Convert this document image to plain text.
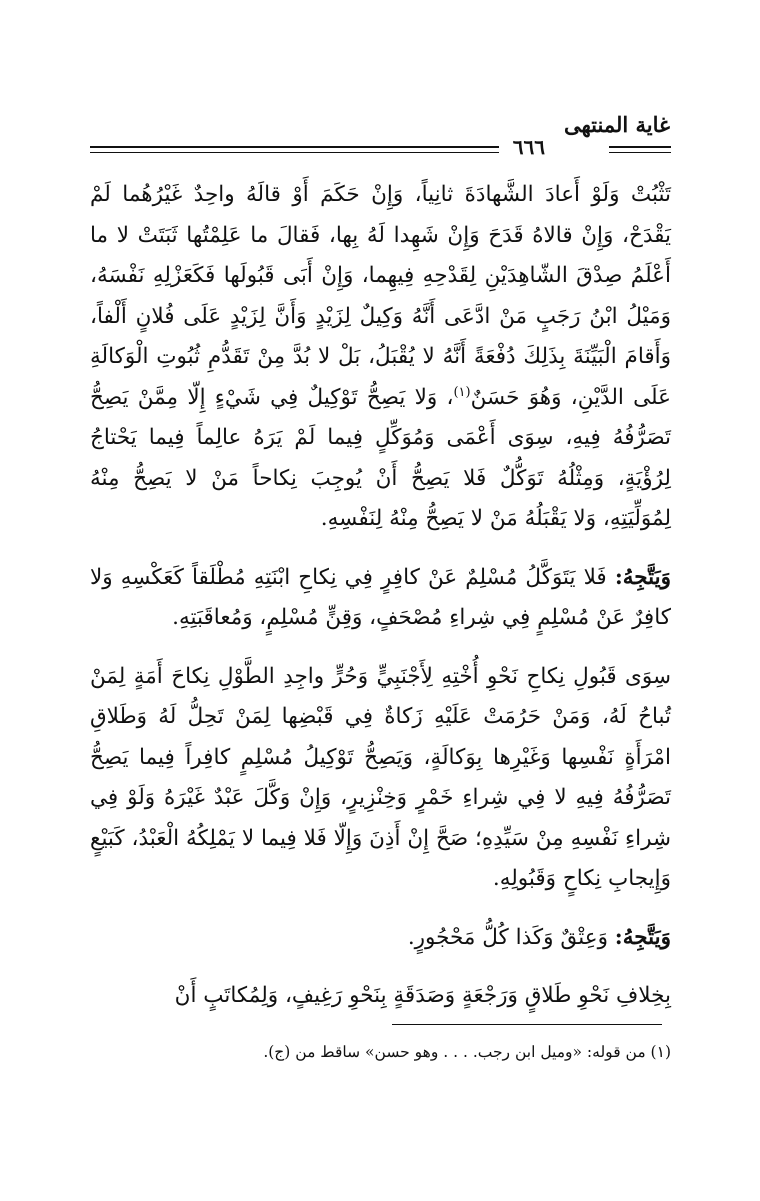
غاية المنتهى
٦٦٦

تَثْبُتْ وَلَوْ أَعادَ الشَّهادَةَ ثانِياً، وَإِنْ حَكَمَ أَوْ قالَهُ واحِدٌ غَيْرُهُما لَمْ يَقْدَحْ، وَإِنْ قالاهُ قَدَحَ وَإِنْ شَهِدا لَهُ بِها، فَقالَ ما عَلِمْتُها ثَبَتَتْ لا ما أَعْلَمُ صِدْقَ الشّاهِدَيْنِ لِقَدْحِهِ فِيهِما، وَإِنْ أَبَى قَبُولَها فَكَعَزْلِهِ نَفْسَهُ، وَمَيْلُ ابْنُ رَجَبٍ مَنْ ادَّعَى أَنَّهُ وَكِيلٌ لِزَيْدٍ وَأَنَّ لِزَيْدٍ عَلَى فُلانٍ أَلْفاً، وَأَقامَ الْبَيِّنَةَ بِذَلِكَ دُفْعَةً أَنَّهُ لا يُقْبَلُ، بَلْ لا بُدَّ مِنْ تَقَدُّمِ ثُبُوتِ الْوَكالَةِ عَلَى الدَّيْنِ، وَهُوَ حَسَنٌ$^{(١)}$، وَلا يَصِحُّ تَوْكِيلٌ فِي شَيْءٍ إِلّا مِمَّنْ يَصِحُّ تَصَرُّفُهُ فِيهِ، سِوَى أَعْمَى وَمُوَكِّلٍ فِيما لَمْ يَرَهُ عالِماً فِيما يَحْتاجُ لِرُؤْيَةٍ، وَمِثْلُهُ تَوَكُّلٌ فَلا يَصِحُّ أَنْ يُوجِبَ نِكاحاً مَنْ لا يَصِحُّ مِنْهُ لِمُوَلِّيَتِهِ، وَلا يَقْبَلُهُ مَنْ لا يَصِحُّ مِنْهُ لِنَفْسِهِ.

وَيَتَّجِهُ: فَلا يَتَوَكَّلُ مُسْلِمٌ عَنْ كافِرٍ فِي نِكاحِ ابْنَتِهِ مُطْلَقاً كَعَكْسِهِ وَلا كافِرٌ عَنْ مُسْلِمٍ فِي شِراءِ مُصْحَفٍ، وَقِنٍّ مُسْلِمٍ، وَمُعاقَبَتِهِ.

سِوَى قَبُولِ نِكاحِ نَحْوِ أُخْتِهِ لِأَجْنَبِيٍّ وَحُرٍّ واجِدِ الطَّوْلِ نِكاحَ أَمَةٍ لِمَنْ تُباحُ لَهُ، وَمَنْ حَرُمَتْ عَلَيْهِ زَكاةٌ فِي قَبْضِها لِمَنْ تَحِلُّ لَهُ وَطَلاقِ امْرَأَةٍ نَفْسِها وَغَيْرِها بِوَكالَةٍ، وَيَصِحُّ تَوْكِيلُ مُسْلِمٍ كافِراً فِيما يَصِحُّ تَصَرُّفُهُ فِيهِ لا فِي شِراءِ خَمْرٍ وَخِنْزِيرٍ، وَإِنْ وَكَّلَ عَبْدٌ غَيْرَهُ وَلَوْ فِي شِراءِ نَفْسِهِ مِنْ سَيِّدِهِ؛ صَحَّ إِنْ أَذِنَ وَإِلّا فَلا فِيما لا يَمْلِكُهُ الْعَبْدُ، كَبَيْعٍ وَإِيجابِ نِكاحٍ وَقَبُولِهِ.

وَيَتَّجِهُ: وَعِتْقٌ وَكَذا كُلُّ مَحْجُورٍ.

بِخِلافِ نَحْوِ طَلاقٍ وَرَجْعَةٍ وَصَدَقَةٍ بِنَحْوِ رَغِيفٍ، وَلِمُكاتَبٍ أَنْ

(١) من قوله: «وميل ابن رجب. . . . وهو حسن» ساقط من (ج).
